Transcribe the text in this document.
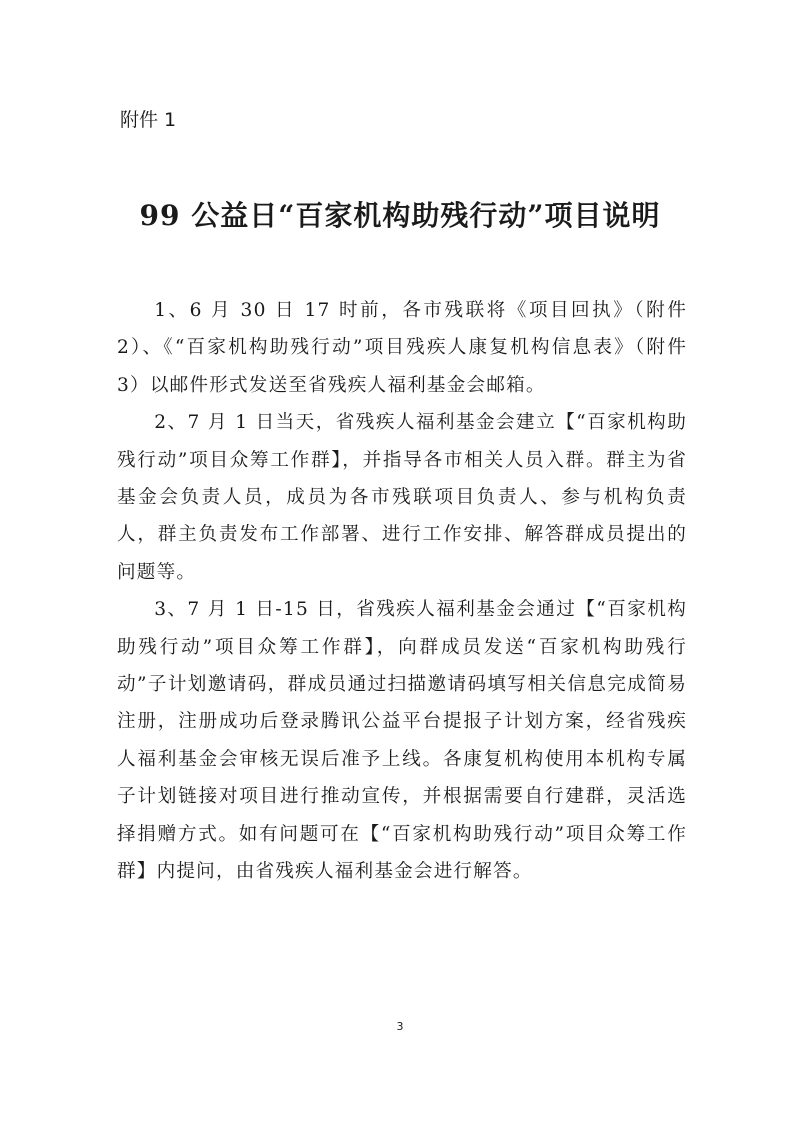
附件 1
99 公益日“百家机构助残行动”项目说明

1、6 月 30 日 17 时前，各市残联将《项目回执》（附件 2）、《“百家机构助残行动”项目残疾人康复机构信息表》（附件 3）以邮件形式发送至省残疾人福利基金会邮箱。

2、7 月 1 日当天，省残疾人福利基金会建立【“百家机构助残行动”项目众筹工作群】，并指导各市相关人员入群。群主为省基金会负责人员，成员为各市残联项目负责人、参与机构负责人，群主负责发布工作部署、进行工作安排、解答群成员提出的问题等。

3、7 月 1 日-15 日，省残疾人福利基金会通过【“百家机构助残行动”项目众筹工作群】，向群成员发送“百家机构助残行动”子计划邀请码，群成员通过扫描邀请码填写相关信息完成简易注册，注册成功后登录腾讯公益平台提报子计划方案，经省残疾人福利基金会审核无误后准予上线。各康复机构使用本机构专属子计划链接对项目进行推动宣传，并根据需要自行建群，灵活选择捐赠方式。如有问题可在【“百家机构助残行动”项目众筹工作群】内提问，由省残疾人福利基金会进行解答。

3
